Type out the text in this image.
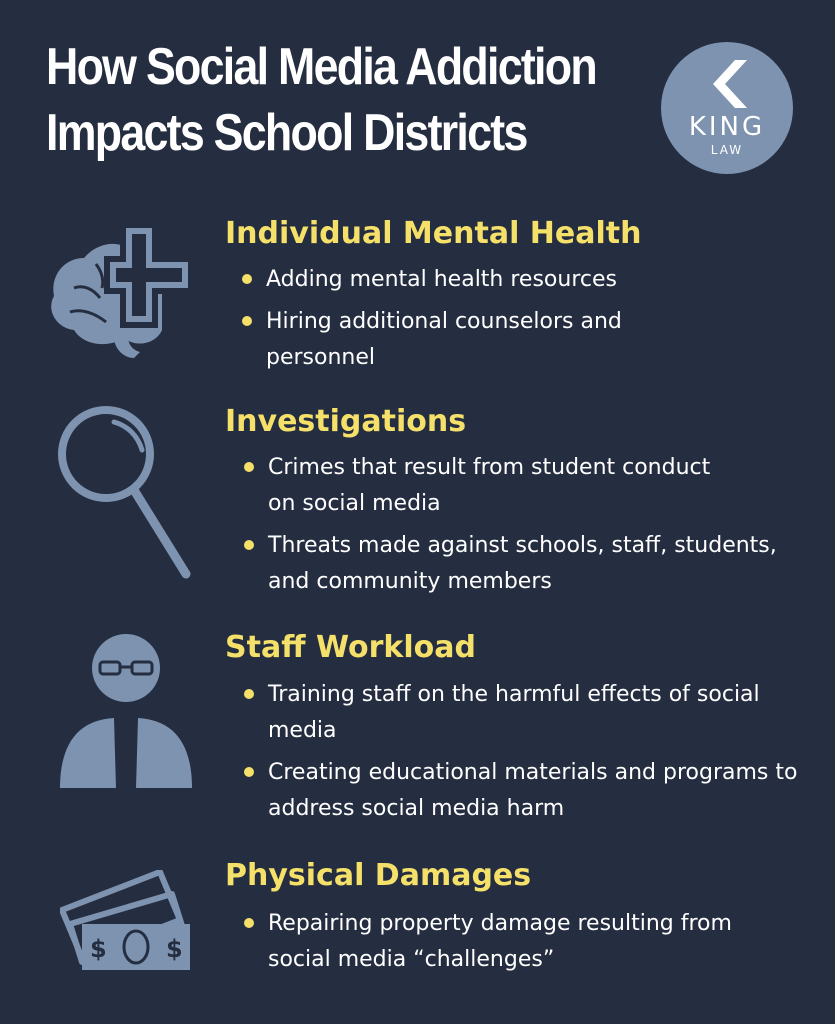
How Social Media Addiction
Impacts School Districts	KING
LAW
Individual Mental Health
Adding mental health resources
Hiring additional counselors and personnel
Investigations
Crimes that result from student conduct on social media
Threats made against schools, staff, students, and community members
Staff Workload
Training staff on the harmful effects of social media
Creating educational materials and programs to address social media harm
$ $
Physical Damages
Repairing property damage resulting from social media “challenges”
